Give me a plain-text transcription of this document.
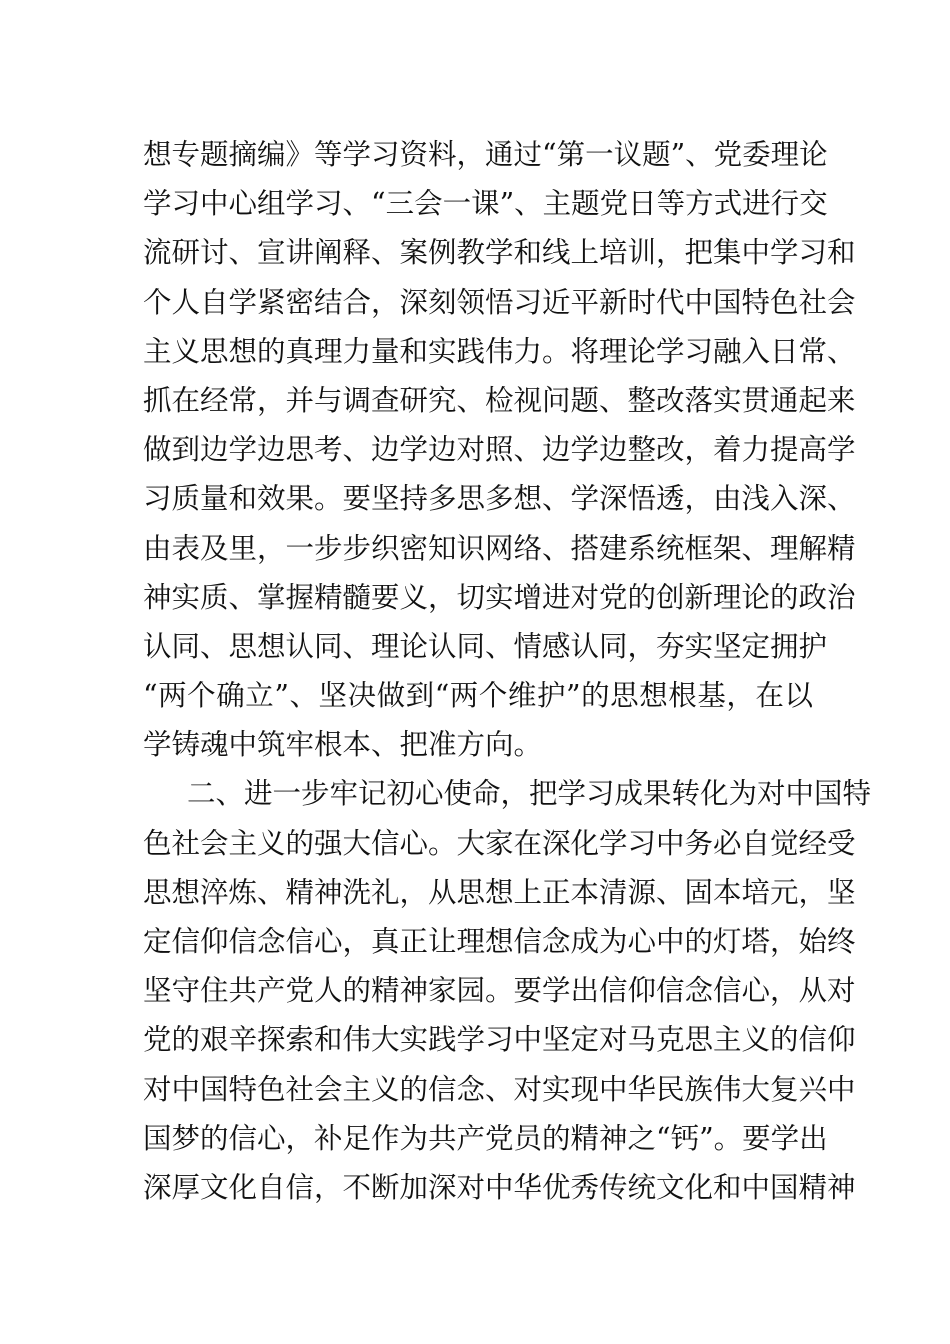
想专题摘编》等学习资料，通过“第一议题”、党委理论
学习中心组学习、“三会一课”、主题党日等方式进行交
流研讨、宣讲阐释、案例教学和线上培训，把集中学习和
个人自学紧密结合，深刻领悟习近平新时代中国特色社会
主义思想的真理力量和实践伟力。将理论学习融入日常、
抓在经常，并与调查研究、检视问题、整改落实贯通起来
做到边学边思考、边学边对照、边学边整改，着力提高学
习质量和效果。要坚持多思多想、学深悟透，由浅入深、
由表及里，一步步织密知识网络、搭建系统框架、理解精
神实质、掌握精髓要义，切实增进对党的创新理论的政治
认同、思想认同、理论认同、情感认同，夯实坚定拥护
“两个确立”、坚决做到“两个维护”的思想根基，在以
学铸魂中筑牢根本、把准方向。
二、进一步牢记初心使命，把学习成果转化为对中国特
色社会主义的强大信心。大家在深化学习中务必自觉经受
思想淬炼、精神洗礼，从思想上正本清源、固本培元，坚
定信仰信念信心，真正让理想信念成为心中的灯塔，始终
坚守住共产党人的精神家园。要学出信仰信念信心，从对
党的艰辛探索和伟大实践学习中坚定对马克思主义的信仰
对中国特色社会主义的信念、对实现中华民族伟大复兴中
国梦的信心，补足作为共产党员的精神之“钙”。要学出
深厚文化自信，不断加深对中华优秀传统文化和中国精神
